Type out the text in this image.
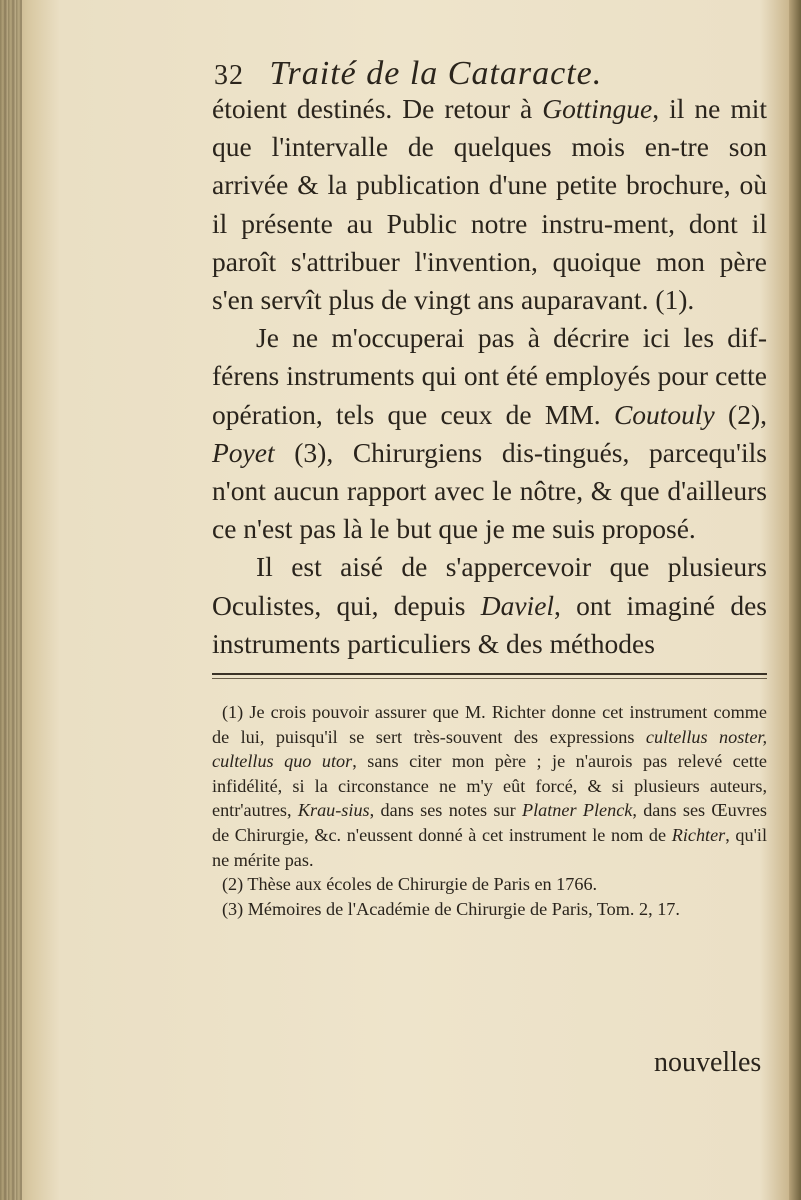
32 Traité de la Cataracte.

étoient destinés. De retour à Gottingue, il ne mit que l'intervalle de quelques mois en-tre son arrivée & la publication d'une petite brochure, où il présente au Public notre instru-ment, dont il paroît s'attribuer l'invention, quoique mon père s'en servît plus de vingt ans auparavant. (1).

Je ne m'occuperai pas à décrire ici les dif-férens instruments qui ont été employés pour cette opération, tels que ceux de MM. Coutouly (2), Poyet (3), Chirurgiens dis-tingués, parcequ'ils n'ont aucun rapport avec le nôtre, & que d'ailleurs ce n'est pas là le but que je me suis proposé.

Il est aisé de s'appercevoir que plusieurs Oculistes, qui, depuis Daviel, ont imaginé des instruments particuliers & des méthodes

(1) Je crois pouvoir assurer que M. Richter donne cet instrument comme de lui, puisqu'il se sert très-souvent des expressions cultellus noster, cultellus quo utor, sans citer mon père ; je n'aurois pas relevé cette infidélité, si la circonstance ne m'y eût forcé, & si plusieurs auteurs, entr'autres, Krau-sius, dans ses notes sur Platner Plenck, dans ses Œuvres de Chirurgie, &c. n'eussent donné à cet instrument le nom de Richter, qu'il ne mérite pas.

(2) Thèse aux écoles de Chirurgie de Paris en 1766.

(3) Mémoires de l'Académie de Chirurgie de Paris, Tom. 2, 17.

nouvelles
